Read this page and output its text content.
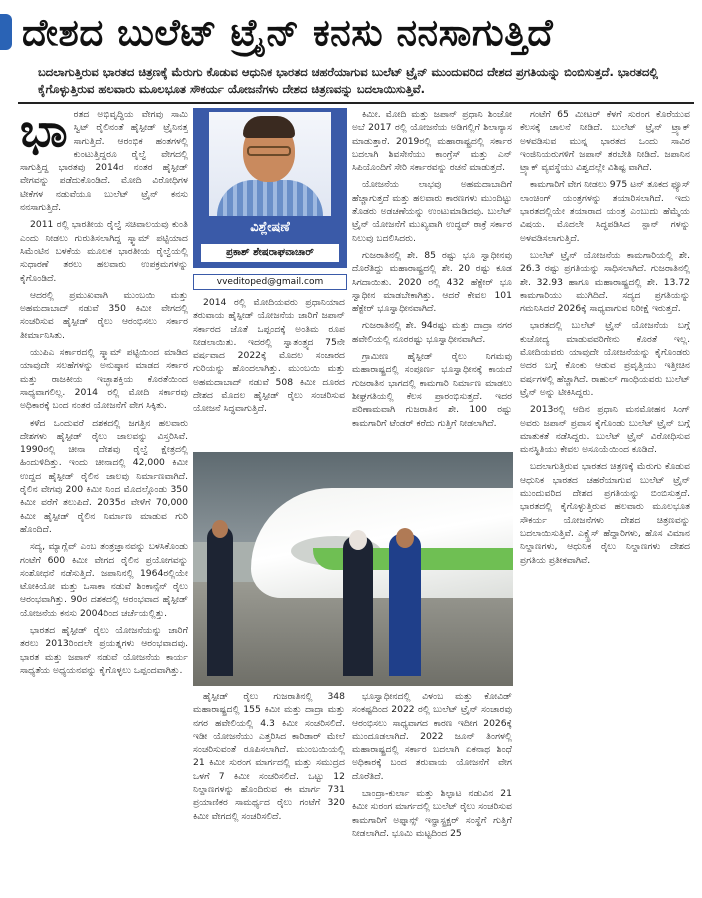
ದೇಶದ ಬುಲೆಟ್ ಟ್ರೈನ್ ಕನಸು ನನಸಾಗುತ್ತಿದೆ
ಬದಲಾಗುತ್ತಿರುವ ಭಾರತದ ಚಿತ್ರಣಕ್ಕೆ ಮೆರುಗು ಕೊಡುವ ಆಧುನಿಕ ಭಾರತದ ಚಹರೆಯಾಗುವ ಬುಲೆಟ್ ಟ್ರೈನ್ ಮುಂದುವರಿದ ದೇಶದ ಪ್ರಗತಿಯನ್ನು ಬಿಂಬಿಸುತ್ತದೆ. ಭಾರತದಲ್ಲಿ ಕೈಗೊಳ್ಳುತ್ತಿರುವ ಹಲವಾರು ಮೂಲಭೂತ ಸೌಕರ್ಯ ಯೋಜನೆಗಳು ದೇಶದ ಚಿತ್ರಣವನ್ನು ಬದಲಾಯಿಸುತ್ತಿವೆ.
ಭಾ ರತದ ಅಭಿವೃದ್ಧಿಯ ವೇಗವು ಸಾಮಿ ಸ್ವಿಟ್ ರೈಲಿನಂತೆ ಹೈಸ್ಪೀಡ್ ಟ್ರೈನಿನತ್ತ ಸಾಗುತ್ತಿದೆ. ಆರಂಭಿಕ ಹಂತಗಳಲ್ಲಿ ಕುಂಟುತ್ತಿದ್ದರೂ ರೈಲ್ವೆ ವೇಗದಲ್ಲಿ ಸಾಗುತ್ತಿದ್ದ ಭಾರತವು 2014ರ ನಂತರ ಹೈಸ್ಪೀಡ್ ವೇಗವನ್ನು ಪಡೆದುಕೊಂಡಿದೆ. ಮೋದಿ ವಿರೋಧಿಗಳ ಟೀಕೆಗಳ ನಡುವೆಯೂ ಬುಲೆಟ್ ಟ್ರೈನ್ ಕನಸು ನನಸಾಗುತ್ತಿದೆ.

2011 ರಲ್ಲಿ ಭಾರತೀಯ ರೈಲ್ವೆ ಸಚಿವಾಲಯವು ಕುಂತಿ ಎಂದು ನೀಡಲು ಗುರುತಿಸಲಾಗಿದ್ದ ಸ್ಕ್ವಾಮ್ ಪಟ್ಟಿಯಾದ ಸಿಮೆಂಟಿನ ಬಳಕೆಯ ಮೂಲಕ ಭಾರತೀಯ ರೈಲ್ವೆಯಲ್ಲಿ ಸುಧಾರಣೆ ತರಲು ಹಲವಾರು ಉಪಕ್ರಮಗಳನ್ನು ಕೈಗೊಂಡಿದೆ.

ಆದರಲ್ಲಿ ಪ್ರಮುಖವಾಗಿ ಮುಂಬಯಿ ಮತ್ತು ಅಹಮದಾಬಾದ್ ನಡುವೆ 350 ಕಿಮೀ ವೇಗದಲ್ಲಿ ಸಂಚರಿಸುವ ಹೈಸ್ಪೀಡ್ ರೈಲು ಆರಂಭಿಸಲು ಸರ್ಕಾರ ತೀರ್ಮಾನಿಸಿತು.

ಯುಪಿಎ ಸರ್ಕಾರದಲ್ಲಿ ಸ್ಕ್ವಾಮ್ ಪಟ್ಟಿಯಿಂದ ಮಾಡಿದ ಯಾವುದೇ ಸಲಹೆಗಳನ್ನು ಅನುಷ್ಠಾನ ಮಾಡದ ಸರ್ಕಾರ ಮತ್ತು ರಾಜಕೀಯ ಇಚ್ಛಾಶಕ್ತಿಯ ಕೊರತೆಯಿಂದ ಸಾಧ್ಯವಾಗಲಿಲ್ಲ. 2014 ರಲ್ಲಿ ಮೋದಿ ಸರ್ಕಾರವು ಅಧಿಕಾರಕ್ಕೆ ಬಂದ ನಂತರ ಯೋಜನೆಗೆ ವೇಗ ಸಿಕ್ಕಿತು.

ಕಳೆದ ಒಂದುವರೆ ದಶಕದಲ್ಲಿ ಜಗತ್ತಿನ ಹಲವಾರು ದೇಶಗಳು ಹೈಸ್ಪೀಡ್ ರೈಲು ಜಾಲವನ್ನು ವಿಸ್ತರಿಸಿವೆ. 1990ರಲ್ಲಿ ಚೀನಾ ದೇಶವು ರೈಲ್ವೆ ಕ್ಷೇತ್ರದಲ್ಲಿ ಹಿಂದುಳಿದಿತ್ತು. ಇಂದು ಚೀನಾದಲ್ಲಿ 42,000 ಕಿಮೀ ಉದ್ದದ ಹೈಸ್ಪೀಡ್ ರೈಲಿನ ಜಾಲವು ನಿರ್ಮಾಣವಾಗಿದೆ. ರೈಲಿನ ವೇಗವು 200 ಕಿಮೀ ನಿಂದ ಮೊದಲ್ಗೊಂಡು 350 ಕಿಮೀ ವರೆಗೆ ತಲುಪಿದೆ. 2035ರ ವೇಳೆಗೆ 70,000 ಕಿಮೀ ಹೈಸ್ಪೀಡ್ ರೈಲಿನ ನಿರ್ಮಾಣ ಮಾಡುವ ಗುರಿ ಹೊಂದಿದೆ.

ಸದ್ಯ, ಮ್ಯಾಗ್ಲೆವ್ ಎಂಬ ತಂತ್ರಜ್ಞಾನವನ್ನು ಬಳಸಿಕೊಂಡು ಗಂಟೆಗೆ 600 ಕಿಮೀ ವೇಗದ ರೈಲಿನ ಪ್ರಯೋಗವನ್ನು ಸಂಶೋಧನೆ ನಡೆಸುತ್ತಿದೆ. ಜಪಾನಿನಲ್ಲಿ 1964ರಲ್ಲಿಯೇ ಟೋಕಿಯೋ ಮತ್ತು ಒಸಾಕಾ ನಡುವೆ ಶಿಂಕಾನ್ಸೆನ್ ರೈಲು ಆರಂಭವಾಗಿತ್ತು. 90ರ ದಶಕದಲ್ಲಿ ಆರಂಭವಾದ ಹೈಸ್ಪೀಡ್ ಯೋಜನೆಯ ಕನಸು 2004ರಿಂದ ಚರ್ಚೆಯಲ್ಲಿತ್ತು.

ಭಾರತದ ಹೈಸ್ಪೀಡ್ ರೈಲು ಯೋಜನೆಯನ್ನು ಜಾರಿಗೆ ತರಲು 2013ರಿಂದಲೇ ಪ್ರಯತ್ನಗಳು ಆರಂಭವಾದವು. ಭಾರತ ಮತ್ತು ಜಪಾನ್ ನಡುವೆ ಯೋಜನೆಯ ಕಾರ್ಯ ಸಾಧ್ಯತೆಯ ಅಧ್ಯಯನವನ್ನು ಕೈಗೊಳ್ಳಲು ಒಪ್ಪಂದವಾಗಿತ್ತು.

ವಿಶ್ಲೇಷಣೆ
ಪ್ರಕಾಶ್ ಶೇಷರಾಘವಾಚಾರ್
vveditoped@gmail.com

2014 ರಲ್ಲಿ ಮೋದಿಯವರು ಪ್ರಧಾನಿಯಾದ ತರುವಾಯ ಹೈಸ್ಪೀಡ್ ಯೋಜನೆಯ ಜಾರಿಗೆ ಜಪಾನ್ ಸರ್ಕಾರದ ಜೊತೆ ಒಪ್ಪಂದಕ್ಕೆ ಅಂತಿಮ ರೂಪ ನೀಡಲಾಯಿತು. ಇದರಲ್ಲಿ ಸ್ವಾತಂತ್ರ್ಯದ 75ನೇ ವರ್ಷವಾದ 2022ಕ್ಕೆ ಮೊದಲ ಸಂಚಾರದ ಗುರಿಯನ್ನು ಹೊಂದಲಾಗಿತ್ತು. ಮುಂಬಯಿ ಮತ್ತು ಅಹಮದಾಬಾದ್ ನಡುವೆ 508 ಕಿಮೀ ದೂರದ ದೇಶದ ಮೊದಲ ಹೈಸ್ಪೀಡ್ ರೈಲು ಸಂಚರಿಸುವ ಯೋಜನೆ ಸಿದ್ಧವಾಗುತ್ತಿದೆ.

ಕಿಮೀ. ಮೋದಿ ಮತ್ತು ಜಪಾನ್ ಪ್ರಧಾನಿ ಶಿಂಜೋ ಅಬೆ 2017 ರಲ್ಲಿ ಯೋಜನೆಯ ಅಡಿಗಲ್ಲಿಗೆ ಶಿಲಾನ್ಯಾಸ ಮಾಡುತ್ತಾರೆ. 2019ರಲ್ಲಿ ಮಹಾರಾಷ್ಟ್ರದಲ್ಲಿ ಸರ್ಕಾರ ಬದಲಾಗಿ ಶಿವಸೇನೆಯು ಕಾಂಗ್ರೆಸ್ ಮತ್ತು ಎನ್ ಸಿಪಿಯೊಂದಿಗೆ ಸೇರಿ ಸರ್ಕಾರವನ್ನು ರಚನೆ ಮಾಡುತ್ತದೆ.

ಯೋಜನೆಯ ಲಾಭವು ಅಹಮದಾಬಾದಿಗೆ ಹೆಚ್ಚಾಗುತ್ತದೆ ಮತ್ತು ಹಲವಾರು ಕಾರಣಗಳು ಮುಂದಿಟ್ಟು ತೊಡರು ಅಡಚಣೆಯನ್ನು ಉಂಟುಮಾಡಿದವು. ಬುಲೆಟ್ ಟ್ರೈನ್ ಯೋಜನೆಗೆ ಮುಖ್ಯವಾಗಿ ಉದ್ಧವ್ ಠಾಕ್ರೆ ಸರ್ಕಾರ ನಿಲುವು ಬದಲಿಸಿದರು.

ಗುಜರಾತಿನಲ್ಲಿ ಶೇ. 85 ರಷ್ಟು ಭೂ ಸ್ವಾಧೀನವು ದೊರೆತಿದ್ದು ಮಹಾರಾಷ್ಟ್ರದಲ್ಲಿ ಶೇ. 20 ರಷ್ಟು ಕೂಡ ಸಿಗದಾಯಿತು. 2020 ರಲ್ಲಿ 432 ಹೆಕ್ಟೇರ್ ಭೂ ಸ್ವಾಧೀನ ಮಾಡಬೇಕಾಗಿತ್ತು. ಆದರೆ ಕೇವಲ 101 ಹೆಕ್ಟೇರ್ ಭೂಸ್ವಾಧೀನವಾಗಿದೆ.

ಗುಜರಾತಿನಲ್ಲಿ ಶೇ. 94ರಷ್ಟು ಮತ್ತು ದಾದ್ರಾ ನಗರ ಹವೇಲಿಯಲ್ಲಿ ನೂರರಷ್ಟು ಭೂಸ್ವಾಧೀನವಾಗಿದೆ.

ಗ್ರಾಮೀಣ ಹೈಸ್ಪೀಡ್ ರೈಲು ನಿಗಮವು ಮಹಾರಾಷ್ಟ್ರದಲ್ಲಿ ಸಂಪೂರ್ಣ ಭೂಸ್ವಾಧೀನಕ್ಕೆ ಕಾಯದೆ ಗುಜರಾತಿನ ಭಾಗದಲ್ಲಿ ಕಾಮಗಾರಿ ನಿರ್ಮಾಣ ಮಾಡಲು ಶೀಘ್ರಗತಿಯಲ್ಲಿ ಕೆಲಸ ಪ್ರಾರಂಭಿಸುತ್ತದೆ. ಇದರ ಪರಿಣಾಮವಾಗಿ ಗುಜರಾತಿನ ಶೇ. 100 ರಷ್ಟು ಕಾಮಗಾರಿಗೆ ಟೆಂಡರ್ ಕರೆದು ಗುತ್ತಿಗೆ ನೀಡಲಾಗಿದೆ.

ಹೈಸ್ಪೀಡ್ ರೈಲು ಗುಜರಾತಿನಲ್ಲಿ 348 ಮಹಾರಾಷ್ಟ್ರದಲ್ಲಿ 155 ಕಿಮೀ ಮತ್ತು ದಾದ್ರಾ ಮತ್ತು ನಗರ ಹವೇಲಿಯಲ್ಲಿ 4.3 ಕಿಮೀ ಸಂಚರಿಸಲಿದೆ. ಇಡೀ ಯೋಜನೆಯು ಎತ್ತರಿಸಿದ ಕಾರಿಡಾರ್ ಮೇಲೆ ಸಂಚರಿಸುವಂತೆ ರೂಪಿಸಲಾಗಿದೆ. ಮುಂಬಯಿಯಲ್ಲಿ 21 ಕಿಮೀ ಸುರಂಗ ಮಾರ್ಗದಲ್ಲಿ ಮತ್ತು ಸಮುದ್ರದ ಒಳಗೆ 7 ಕಿಮೀ ಸಂಚರಿಸಲಿದೆ. ಒಟ್ಟು 12 ನಿಲ್ದಾಣಗಳನ್ನು ಹೊಂದಿರುವ ಈ ಮಾರ್ಗ 731 ಪ್ರಯಾಣಿಕರ ಸಾಮರ್ಥ್ಯದ ರೈಲು ಗಂಟೆಗೆ 320 ಕಿಮೀ ವೇಗದಲ್ಲಿ ಸಂಚರಿಸಲಿದೆ.

ಭೂಸ್ವಾಧೀನದಲ್ಲಿ ವಿಳಂಬ ಮತ್ತು ಕೋವಿಡ್ ಸಂಕಷ್ಟದಿಂದ 2022 ರಲ್ಲಿ ಬುಲೆಟ್ ಟ್ರೈನ್ ಸಂಚಾರವು ಆರಂಭಿಸಲು ಸಾಧ್ಯವಾಗದ ಕಾರಣ ಇದೀಗ 2026ಕ್ಕೆ ಮುಂದೂಡಲಾಗಿದೆ. 2022 ಜೂನ್ ತಿಂಗಳಲ್ಲಿ ಮಹಾರಾಷ್ಟ್ರದಲ್ಲಿ ಸರ್ಕಾರ ಬದಲಾಗಿ ಏಕನಾಥ ಶಿಂಧೆ ಅಧಿಕಾರಕ್ಕೆ ಬಂದ ತರುವಾಯ ಯೋಜನೆಗೆ ವೇಗ ದೊರೆತಿದೆ.

ಬಾಂದ್ರಾ-ಕುರ್ಲಾ ಮತ್ತು ಶಿಲ್ಫಾಟ ನಡುವಿನ 21 ಕಿಮೀ ಸುರಂಗ ಮಾರ್ಗದಲ್ಲಿ ಬುಲೆಟ್ ರೈಲು ಸಂಚರಿಸುವ ಕಾಮಗಾರಿಗೆ ಅಫ್ಕಾನ್ಸ್ ಇನ್ಫ್ರಾಸ್ಟ್ರಕ್ಚರ್ ಸಂಸ್ಥೆಗೆ ಗುತ್ತಿಗೆ ನೀಡಲಾಗಿದೆ. ಭೂಮಿ ಮಟ್ಟದಿಂದ 25

ಗಂಟೆಗೆ 65 ಮೀಟರ್ ಕೆಳಗೆ ಸುರಂಗ ಕೊರೆಯುವ ಕೆಲಸಕ್ಕೆ ಚಾಲನೆ ನೀಡಿದೆ. ಬುಲೆಟ್ ಟ್ರೈನ್ ಟ್ರ್ಯಾಕ್ ಅಳವಡಿಸುವ ಮುನ್ನ ಭಾರತದ ಒಂದು ಸಾವಿರ ಇಂಜಿನಿಯರುಗಳಿಗೆ ಜಪಾನ್ ತರಬೇತಿ ನೀಡಿದೆ. ಜಪಾನಿನ ಟ್ರ್ಯಾಕ್ ವ್ಯವಸ್ಥೆಯು ವಿಶ್ವದಲ್ಲೇ ವಿಶಿಷ್ಟ ವಾಗಿದೆ.

ಕಾಮಗಾರಿಗೆ ವೇಗ ನೀಡಲು 975 ಟನ್ ತೂಕದ ಫ್ಯೂಸ್ ಲಾಂಚಿಂಗ್ ಯಂತ್ರಗಳನ್ನು ತಯಾರಿಸಲಾಗಿದೆ. ಇದು ಭಾರತದಲ್ಲಿಯೇ ತಯಾರಾದ ಯಂತ್ರ ಎಂಬುದು ಹೆಮ್ಮೆಯ ವಿಷಯ. ಮೊದಲೇ ಸಿದ್ಧಪಡಿಸಿದ ಸ್ಪಾನ್ ಗಳನ್ನು ಅಳವಡಿಸಲಾಗುತ್ತಿದೆ.

ಬುಲೆಟ್ ಟ್ರೈನ್ ಯೋಜನೆಯ ಕಾಮಗಾರಿಯಲ್ಲಿ ಶೇ. 26.3 ರಷ್ಟು ಪ್ರಗತಿಯನ್ನು ಸಾಧಿಸಲಾಗಿದೆ. ಗುಜರಾತಿನಲ್ಲಿ ಶೇ. 32.93 ಹಾಗೂ ಮಹಾರಾಷ್ಟ್ರದಲ್ಲಿ ಶೇ. 13.72 ಕಾಮಗಾರಿಯು ಮುಗಿದಿದೆ. ಸದ್ಯದ ಪ್ರಗತಿಯನ್ನು ಗಮನಿಸಿದರೆ 2026ಕ್ಕೆ ಸಾಧ್ಯವಾಗುವ ನಿರೀಕ್ಷೆ ಇರುತ್ತದೆ.

ಭಾರತದಲ್ಲಿ ಬುಲೆಟ್ ಟ್ರೈನ್ ಯೋಜನೆಯ ಬಗ್ಗೆ ಕುಚೋದ್ಯ ಮಾಡುವವರಿಗೇನು ಕೊರತೆ ಇಲ್ಲ. ಮೋದಿಯವರು ಯಾವುದೇ ಯೋಜನೆಯನ್ನು ಕೈಗೊಂಡರು ಅದರ ಬಗ್ಗೆ ಕೊಂಕು ಆಡುವ ಪ್ರವೃತ್ತಿಯು ಇತ್ತೀಚಿನ ವರ್ಷಗಳಲ್ಲಿ ಹೆಚ್ಚಾಗಿದೆ. ರಾಹುಲ್ ಗಾಂಧಿಯವರು ಬುಲೆಟ್ ಟ್ರೈನ್ ಅನ್ನು ಟೀಕಿಸಿದ್ದರು.

2013ರಲ್ಲಿ ಆದಿನ ಪ್ರಧಾನಿ ಮನಮೋಹನ ಸಿಂಗ್ ಅವರು ಜಪಾನ್ ಪ್ರವಾಸ ಕೈಗೊಂಡು ಬುಲೆಟ್ ಟ್ರೈನ್ ಬಗ್ಗೆ ಮಾತುಕತೆ ನಡೆಸಿದ್ದರು. ಬುಲೆಟ್ ಟ್ರೈನ್ ವಿರೋಧಿಸುವ ಮನಸ್ಥಿತಿಯು ಕೇವಲ ಅಸೂಯೆಯಿಂದ ಕೂಡಿದೆ.

ಬದಲಾಗುತ್ತಿರುವ ಭಾರತದ ಚಿತ್ರಣಕ್ಕೆ ಮೆರುಗು ಕೊಡುವ ಆಧುನಿಕ ಭಾರತದ ಚಹರೆಯಾಗುವ ಬುಲೆಟ್ ಟ್ರೈನ್ ಮುಂದುವರಿದ ದೇಶದ ಪ್ರಗತಿಯನ್ನು ಬಿಂಬಿಸುತ್ತದೆ. ಭಾರತದಲ್ಲಿ ಕೈಗೊಳ್ಳುತ್ತಿರುವ ಹಲವಾರು ಮೂಲಭೂತ ಸೌಕರ್ಯ ಯೋಜನೆಗಳು ದೇಶದ ಚಿತ್ರಣವನ್ನು ಬದಲಾಯಿಸುತ್ತಿವೆ. ಎಕ್ಸ್ಪ್ರೆಸ್ ಹೆದ್ದಾರಿಗಳು, ಹೊಸ ವಿಮಾನ ನಿಲ್ದಾಣಗಳು, ಆಧುನಿಕ ರೈಲು ನಿಲ್ದಾಣಗಳು ದೇಶದ ಪ್ರಗತಿಯ ಪ್ರತೀಕವಾಗಿವೆ.
